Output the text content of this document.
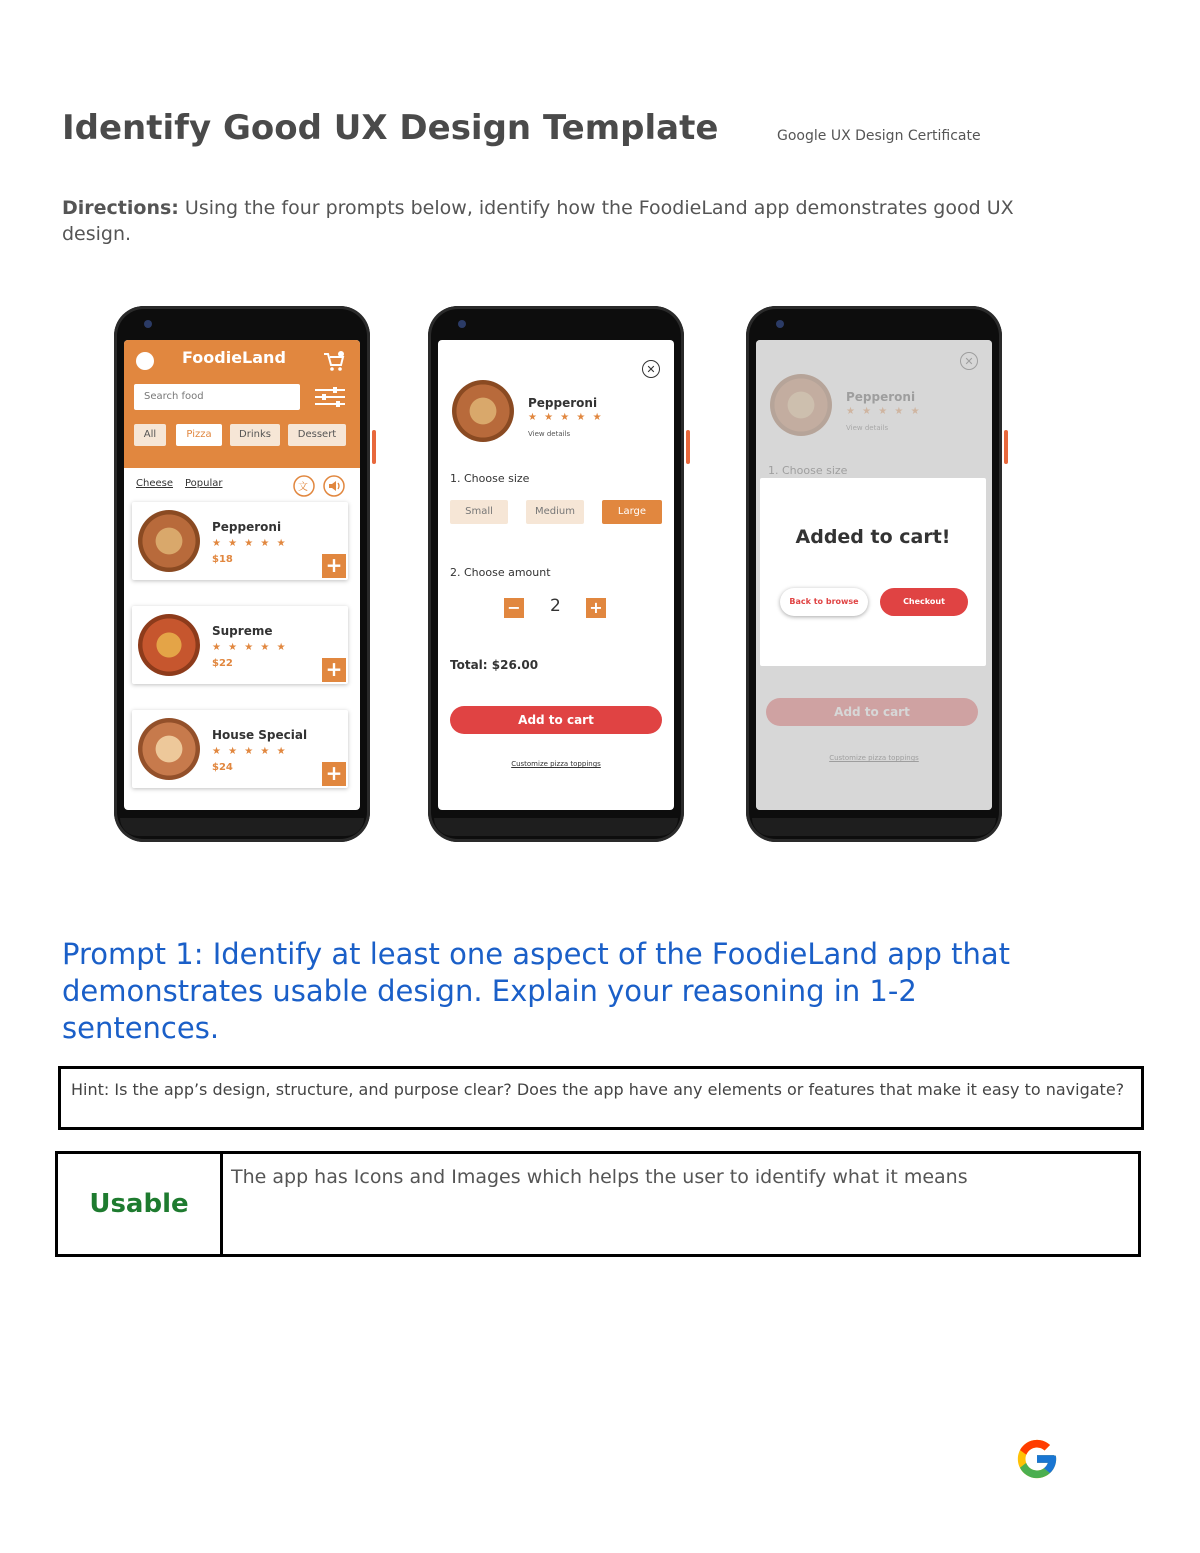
Identify Good UX Design Template	Google UX Design Certificate
Directions: Using the four prompts below, identify how the FoodieLand app demonstrates good UX design.
FoodieLand
Search food
All	Pizza	Drinks	Dessert
Cheese Popular	文
Pepperoni
★ ★ ★ ★ ★
$18	+
Supreme
★ ★ ★ ★ ★
$22	+
House Special
★ ★ ★ ★ ★
$24	+
✕
Pepperoni
★ ★ ★ ★ ★
View details
1. Choose size
Small	Medium	Large
2. Choose amount
− 2 +
Total: $26.00
Add to cart
Customize pizza toppings
Added to cart!
Back to browse	Checkout
Prompt 1: Identify at least one aspect of the FoodieLand app that demonstrates usable design. Explain your reasoning in 1-2 sentences.
Hint: Is the app’s design, structure, and purpose clear? Does the app have any elements or features that make it easy to navigate?
Usable
The app has Icons and Images which helps the user to identify what it means
